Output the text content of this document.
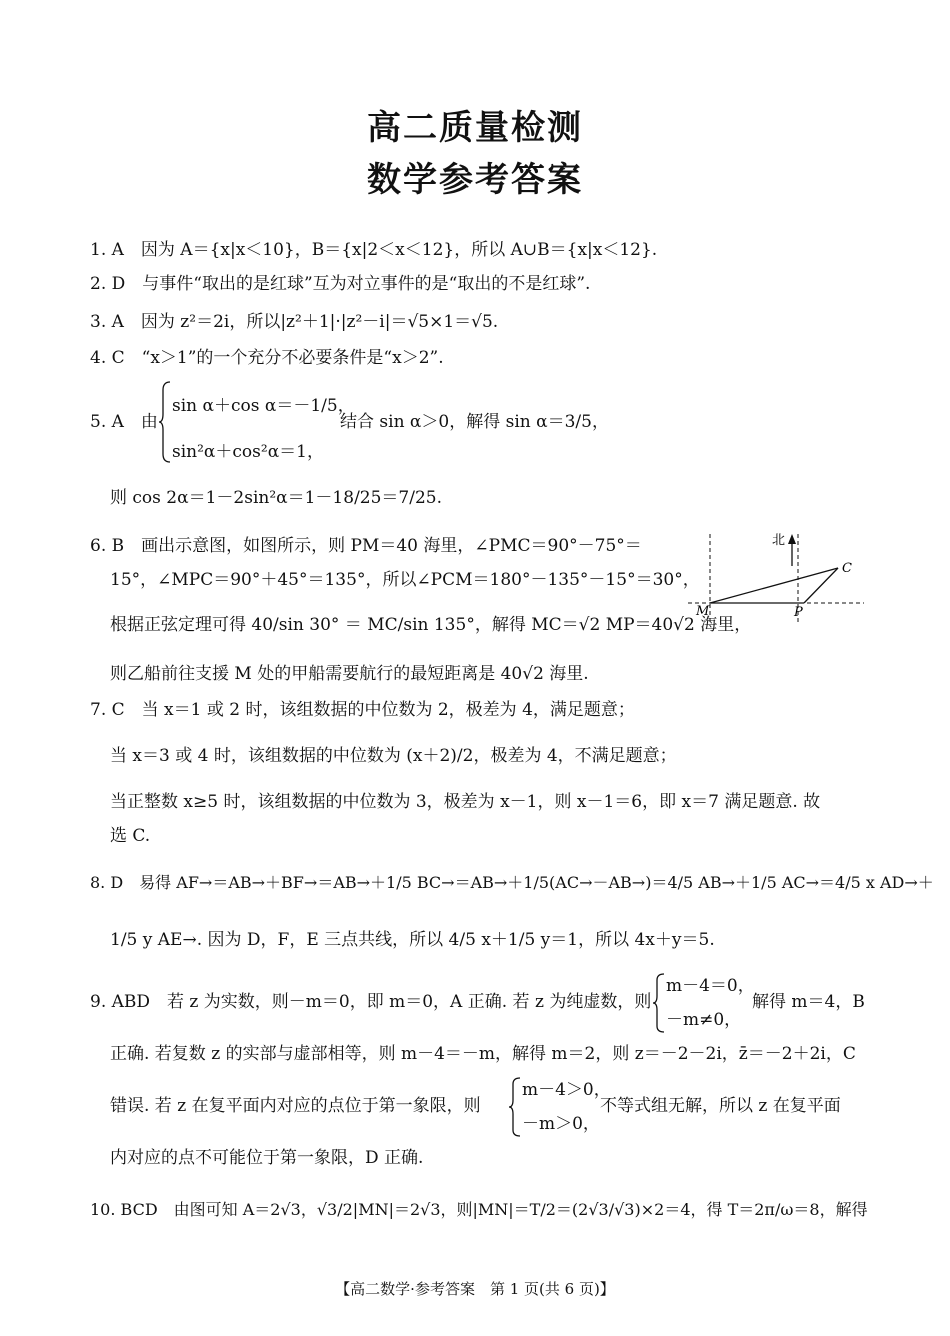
高二质量检测
数学参考答案
1. A　因为 A＝{x|x＜10}，B＝{x|2＜x＜12}，所以 A∪B＝{x|x＜12}.
2. D　与事件“取出的是红球”互为对立事件的是“取出的不是红球”.
3. A　因为 z²＝2i，所以|z²＋1|·|z²－i|＝√5×1＝√5.
4. C　“x＞1”的一个充分不必要条件是“x＞2”.
5. A　由
sin α＋cos α＝－1/5，
sin²α＋cos²α＝1，
结合 sin α＞0，解得 sin α＝3/5，
则 cos 2α＝1－2sin²α＝1－18/25＝7/25.
6. B　画出示意图，如图所示，则 PM＝40 海里，∠PMC＝90°－75°＝
15°，∠MPC＝90°＋45°＝135°，所以∠PCM＝180°－135°－15°＝30°，
根据正弦定理可得 40/sin 30° ＝ MC/sin 135°，解得 MC＝√2 MP＝40√2 海里，
则乙船前往支援 M 处的甲船需要航行的最短距离是 40√2 海里.
北
C
M	P
7. C　当 x＝1 或 2 时，该组数据的中位数为 2，极差为 4，满足题意；
当 x＝3 或 4 时，该组数据的中位数为 (x＋2)/2，极差为 4，不满足题意；
当正整数 x≥5 时，该组数据的中位数为 3，极差为 x－1，则 x－1＝6，即 x＝7 满足题意. 故
选 C.
8. D　易得 AF→＝AB→＋BF→＝AB→＋1/5 BC→＝AB→＋1/5(AC→－AB→)＝4/5 AB→＋1/5 AC→＝4/5 x AD→＋
1/5 y AE→. 因为 D，F，E 三点共线，所以 4/5 x＋1/5 y＝1，所以 4x＋y＝5.
9. ABD　若 z 为实数，则－m＝0，即 m＝0，A 正确. 若 z 为纯虚数，则
m－4＝0，
－m≠0，
解得 m＝4，B
正确. 若复数 z 的实部与虚部相等，则 m－4＝－m，解得 m＝2，则 z＝－2－2i，z̄＝－2＋2i，C
错误. 若 z 在复平面内对应的点位于第一象限，则
m－4＞0，
－m＞0，
不等式组无解，所以 z 在复平面
内对应的点不可能位于第一象限，D 正确.
10. BCD　由图可知 A＝2√3，√3/2|MN|＝2√3，则|MN|＝T/2＝(2√3/√3)×2＝4，得 T＝2π/ω＝8，解得
【高二数学·参考答案　第 1 页(共 6 页)】
